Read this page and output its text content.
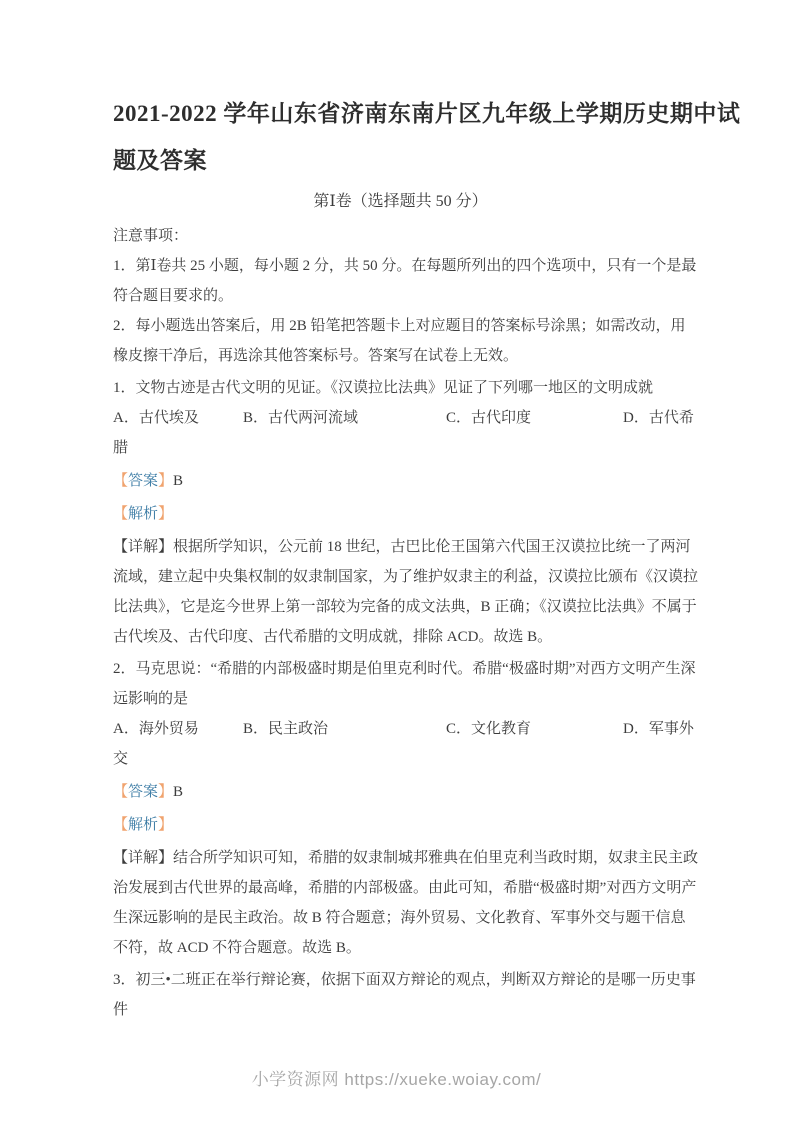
2021-2022 学年山东省济南东南片区九年级上学期历史期中试题及答案
第Ⅰ卷（选择题共 50 分）

注意事项：

1．第Ⅰ卷共 25 小题，每小题 2 分，共 50 分。在每题所列出的四个选项中，只有一个是最符合题目要求的。

2．每小题选出答案后，用 2B 铅笔把答题卡上对应题目的答案标号涂黑；如需改动，用橡皮擦干净后，再选涂其他答案标号。答案写在试卷上无效。

1．文物古迹是古代文明的见证。《汉谟拉比法典》见证了下列哪一地区的文明成就

A．古代埃及	B．古代两河流域	C．古代印度	D．古代希腊

【答案】B

【解析】

【详解】根据所学知识，公元前 18 世纪，古巴比伦王国第六代国王汉谟拉比统一了两河流域，建立起中央集权制的奴隶制国家，为了维护奴隶主的利益，汉谟拉比颁布《汉谟拉比法典》，它是迄今世界上第一部较为完备的成文法典，B 正确；《汉谟拉比法典》不属于古代埃及、古代印度、古代希腊的文明成就，排除 ACD。故选 B。

2．马克思说：“希腊的内部极盛时期是伯里克利时代。希腊“极盛时期”对西方文明产生深远影响的是

A．海外贸易	B．民主政治	C．文化教育	D．军事外交

【答案】B

【解析】

【详解】结合所学知识可知，希腊的奴隶制城邦雅典在伯里克利当政时期，奴隶主民主政治发展到古代世界的最高峰，希腊的内部极盛。由此可知，希腊“极盛时期”对西方文明产生深远影响的是民主政治。故 B 符合题意；海外贸易、文化教育、军事外交与题干信息不符，故 ACD 不符合题意。故选 B。

3．初三•二班正在举行辩论赛，依据下面双方辩论的观点，判断双方辩论的是哪一历史事件

小学资源网 https://xueke.woiay.com/
